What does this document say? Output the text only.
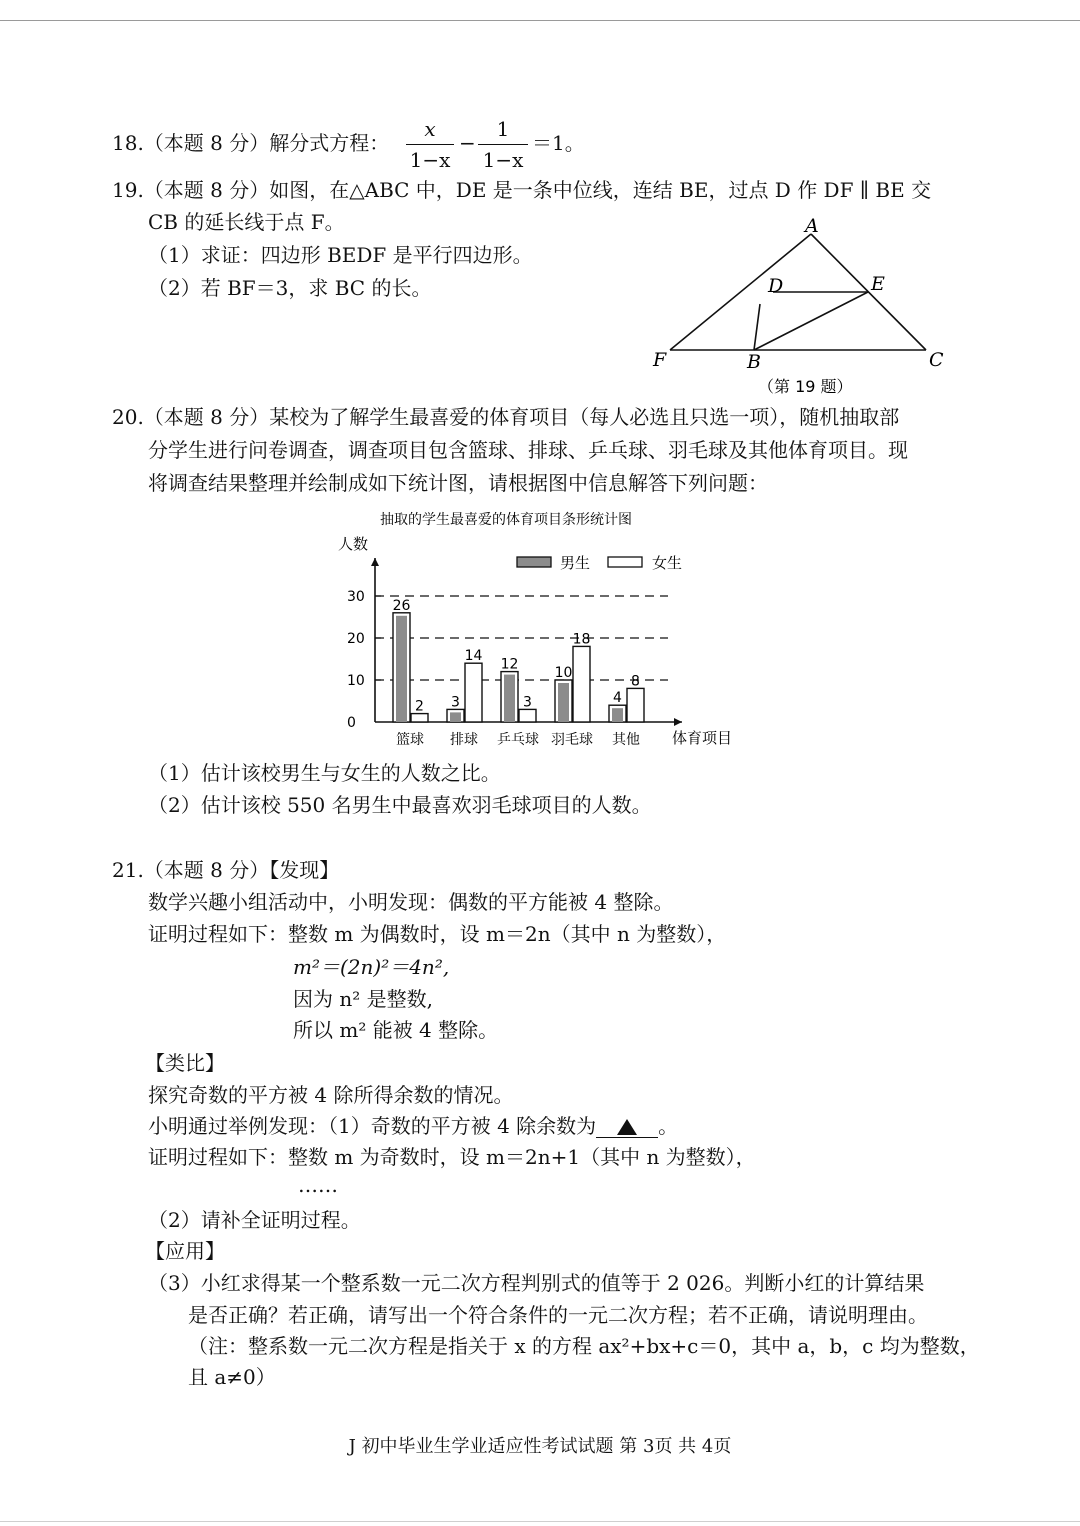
18.（本题 8 分）解分式方程：
x
1−x
−
1
1−x
＝1。
19.（本题 8 分）如图，在△ABC 中，DE 是一条中位线，连结 BE，过点 D 作 DF ∥ BE 交
CB 的延长线于点 F。
（1）求证：四边形 BEDF 是平行四边形。
（2）若 BF＝3，求 BC 的长。
A
D	E
F	B	C
（第 19 题）
20.（本题 8 分）某校为了解学生最喜爱的体育项目（每人必选且只选一项），随机抽取部
分学生进行问卷调查，调查项目包含篮球、排球、乒乓球、羽毛球及其他体育项目。现
将调查结果整理并绘制成如下统计图，请根据图中信息解答下列问题：
抽取的学生最喜爱的体育项目条形统计图
人数
体育项目
男生	女生
0
10
20
30
篮球
26
2
排球
3
14
乒乓球
12
3
羽毛球
10
18
其他
4
8
（1）估计该校男生与女生的人数之比。
（2）估计该校 550 名男生中最喜欢羽毛球项目的人数。
21.（本题 8 分）【发现】
数学兴趣小组活动中，小明发现：偶数的平方能被 4 整除。
证明过程如下：整数 m 为偶数时，设 m＝2n（其中 n 为整数），
m²＝(2n)²＝4n²,
因为 n² 是整数,
所以 m² 能被 4 整除。
【类比】
探究奇数的平方被 4 除所得余数的情况。
小明通过举例发现：（1）奇数的平方被 4 除余数为	。
证明过程如下：整数 m 为奇数时，设 m＝2n+1（其中 n 为整数），
……
（2）请补全证明过程。
【应用】
（3）小红求得某一个整系数一元二次方程判别式的值等于 2 026。判断小红的计算结果
是否正确？若正确，请写出一个符合条件的一元二次方程；若不正确，请说明理由。
（注：整系数一元二次方程是指关于 x 的方程 ax²+bx+c＝0，其中 a，b，c 均为整数，
且 a≠0）
J 初中毕业生学业适应性考试试题 第 3页 共 4页
